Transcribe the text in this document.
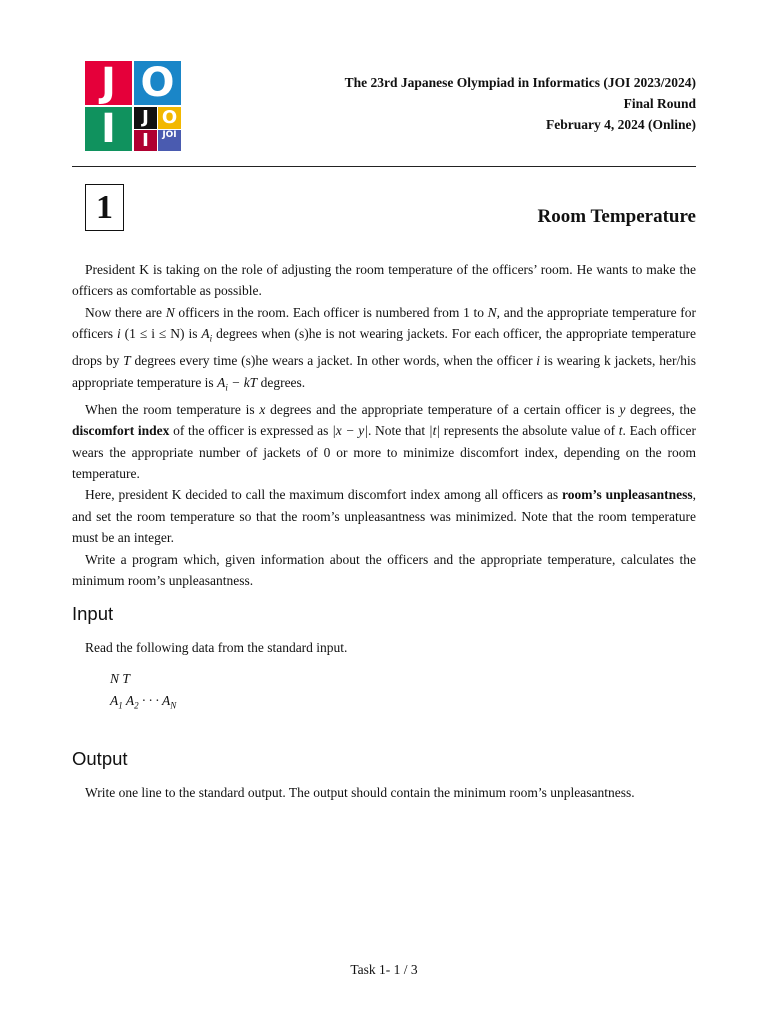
J O
I	J O
I	JOI
The 23rd Japanese Olympiad in Informatics (JOI 2023/2024)
Final Round
February 4, 2024 (Online)
1	Room Temperature

President K is taking on the role of adjusting the room temperature of the officers’ room. He wants to make the officers as comfortable as possible.

Now there are N officers in the room. Each officer is numbered from 1 to N, and the appropriate temperature for officers i (1 ≤ i ≤ N) is $A_i$ degrees when (s)he is not wearing jackets. For each officer, the appropriate temperature drops by T degrees every time (s)he wears a jacket. In other words, when the officer i is wearing k jackets, her/his appropriate temperature is $A_i$ − kT degrees.

When the room temperature is x degrees and the appropriate temperature of a certain officer is y degrees, the discomfort index of the officer is expressed as |x − y|. Note that |t| represents the absolute value of t. Each officer wears the appropriate number of jackets of 0 or more to minimize discomfort index, depending on the room temperature.

Here, president K decided to call the maximum discomfort index among all officers as room’s unpleasantness, and set the room temperature so that the room’s unpleasantness was minimized. Note that the room temperature must be an integer.

Write a program which, given information about the officers and the appropriate temperature, calculates the minimum room’s unpleasantness.

Input
Read the following data from the standard input.
N T
$A_1$ $A_2$ · · · $A_N$
Output
Write one line to the standard output. The output should contain the minimum room’s unpleasantness.
Task 1- 1 / 3
